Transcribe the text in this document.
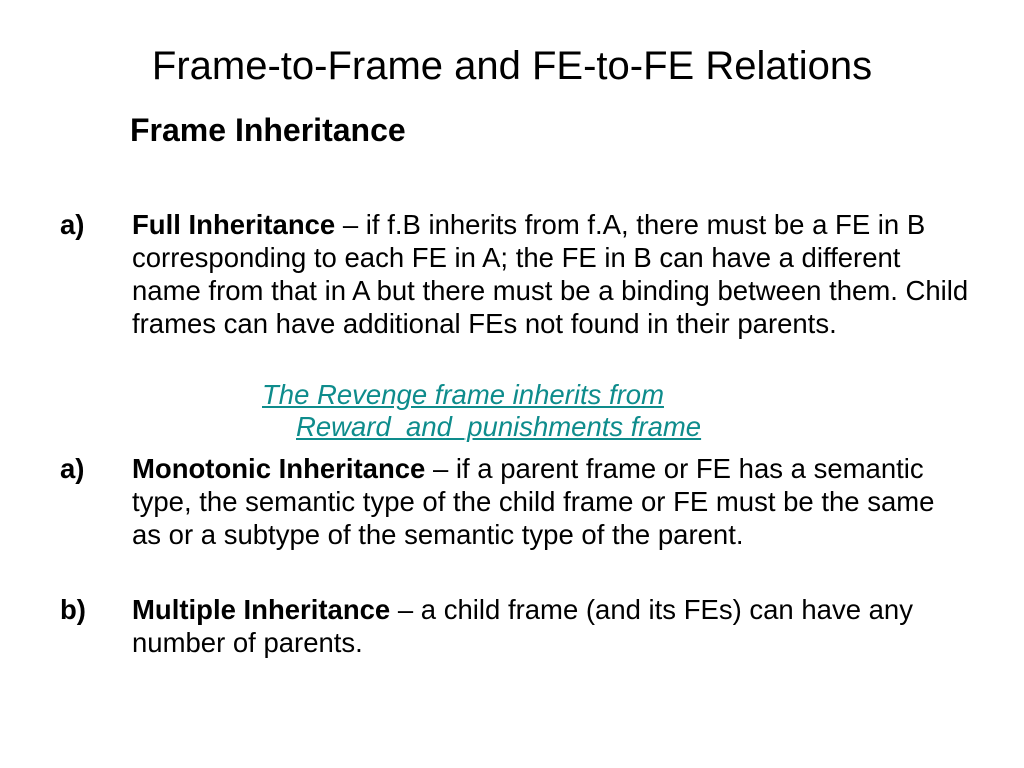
Frame-to-Frame and FE-to-FE Relations
Frame Inheritance
a) Full Inheritance – if f.B inherits from f.A, there must be a FE in B corresponding to each FE in A; the FE in B can have a different name from that in A but there must be a binding between them. Child frames can have additional FEs not found in their parents.
The Revenge frame inherits from
Reward_and_punishments frame
a) Monotonic Inheritance – if a parent frame or FE has a semantic type, the semantic type of the child frame or FE must be the same as or a subtype of the semantic type of the parent.
b) Multiple Inheritance – a child frame (and its FEs) can have any number of parents.
